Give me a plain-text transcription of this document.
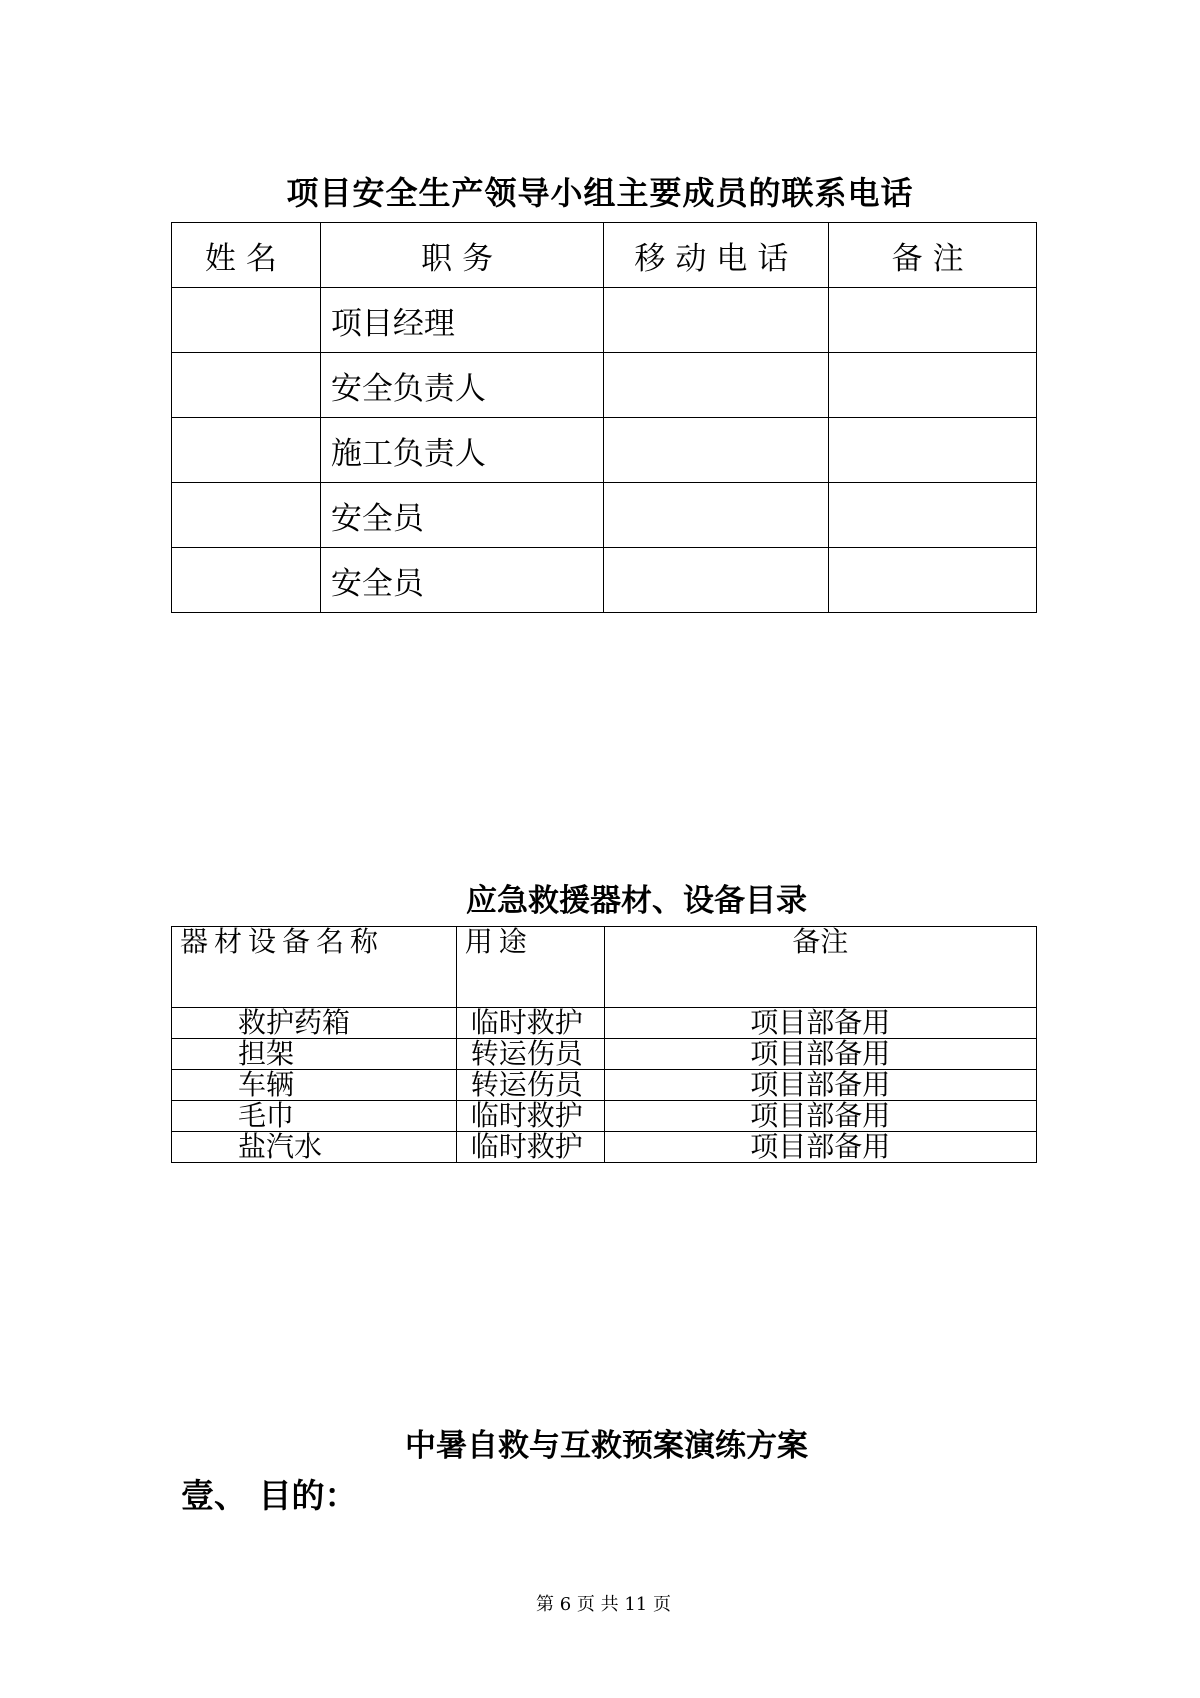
项目安全生产领导小组主要成员的联系电话
姓名	职务	移动电话	备注
	项目经理		
	安全负责人		
	施工负责人		
	安全员		
	安全员		
应急救援器材、设备目录
器材设备名称	用途	备注
救护药箱	临时救护	项目部备用
担架	转运伤员	项目部备用
车辆	转运伤员	项目部备用
毛巾	临时救护	项目部备用
盐汽水	临时救护	项目部备用
中暑自救与互救预案演练方案
壹、 目的：
第 6 页 共 11 页
